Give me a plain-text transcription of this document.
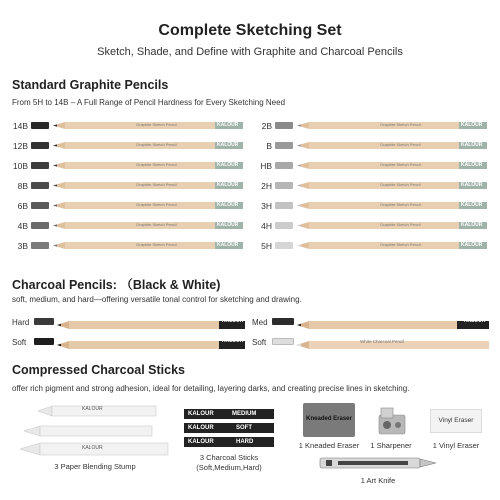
Complete Sketching Set
Sketch, Shade, and Define with Graphite and Charcoal Pencils
Standard Graphite Pencils
From 5H to 14B – A Full Range of Pencil Hardness for Every Sketching Need
Charcoal Pencils: （Black & White)
soft, medium, and hard—offering versatile tonal control for sketching and drawing.
Hard	KALOUR
Soft	KALOUR
Med	KALOUR
Soft	White Charcoal Pencil
Compressed Charcoal Sticks
offer rich pigment and strong adhesion, ideal for detailing, layering darks, and creating precise lines in sketching.
KALOUR
KALOUR
3 Paper Blending Stump
KALOUR	MEDIUM
KALOUR	SOFT
KALOUR	HARD
3 Charcoal Sticks
(Soft,Medium,Hard)
Kneaded Eraser
1 Kneaded Eraser	1 Sharpener
Vinyl Eraser
1 Vinyl Eraser
1 Art Knife
14B	Graphite Sketch Pencil	KALOUR
12B	Graphite Sketch Pencil	KALOUR
10B	Graphite Sketch Pencil	KALOUR
8B	Graphite Sketch Pencil	KALOUR
6B	Graphite Sketch Pencil	KALOUR
4B	Graphite Sketch Pencil	KALOUR
3B	Graphite Sketch Pencil	KALOUR
2B	Graphite Sketch Pencil	KALOUR
B	Graphite Sketch Pencil	KALOUR
HB	Graphite Sketch Pencil	KALOUR
2H	Graphite Sketch Pencil	KALOUR
3H	Graphite Sketch Pencil	KALOUR
4H	Graphite Sketch Pencil	KALOUR
5H	Graphite Sketch Pencil	KALOUR
